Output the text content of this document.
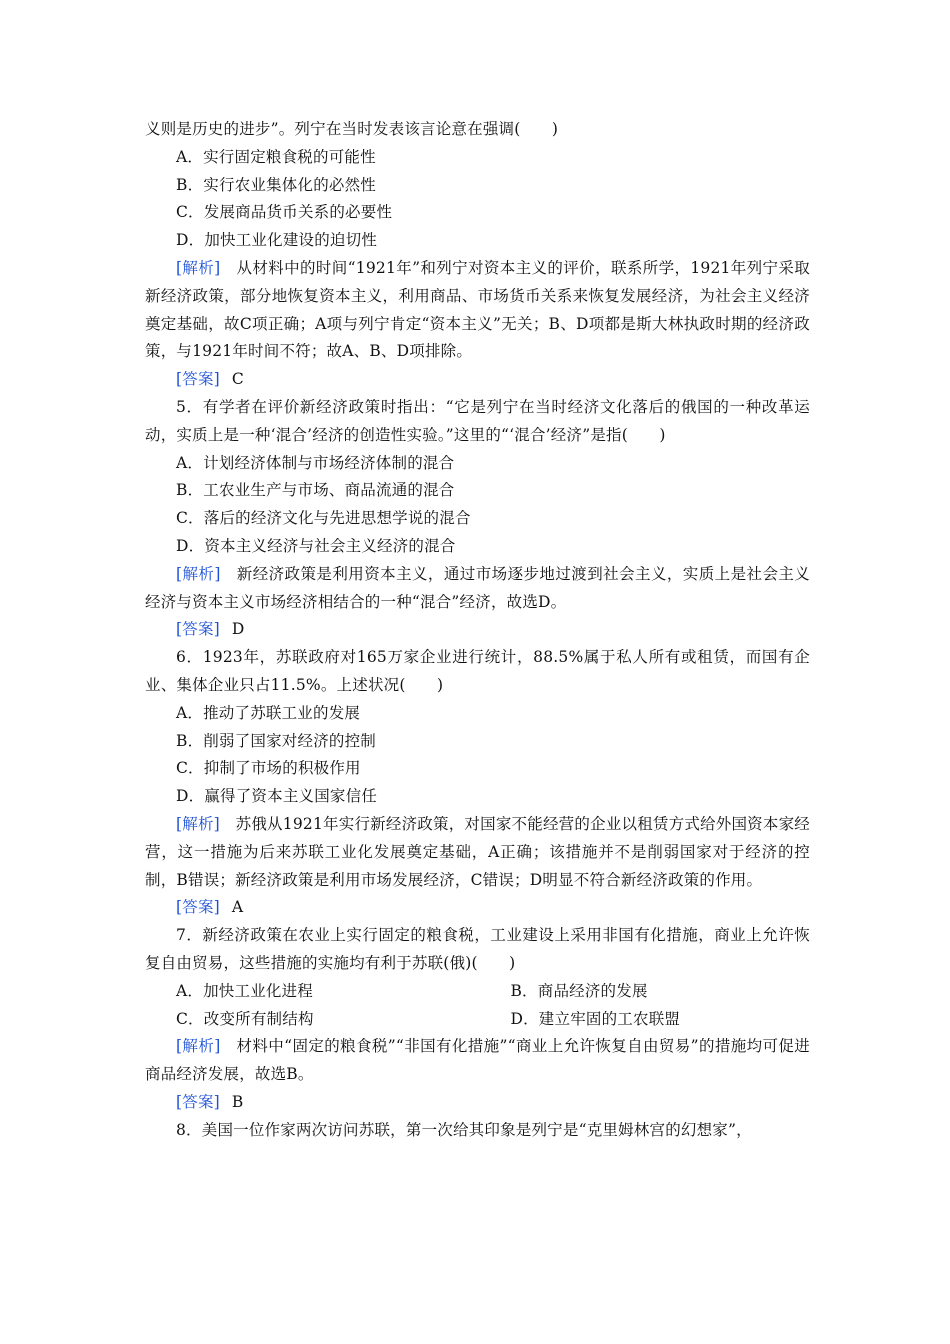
义则是历史的进步”。列宁在当时发表该言论意在强调(　　)
A．实行固定粮食税的可能性
B．实行农业集体化的必然性
C．发展商品货币关系的必要性
D．加快工业化建设的迫切性
[解析]　 从材料中的时间“1921年”和列宁对资本主义的评价，联系所学，1921年列宁采取新经济政策，部分地恢复资本主义，利用商品、市场货币关系来恢复发展经济，为社会主义经济奠定基础，故C项正确；A项与列宁肯定“资本主义”无关；B、D项都是斯大林执政时期的经济政策，与1921年时间不符；故A、B、D项排除。
[答案] C
5．有学者在评价新经济政策时指出：“它是列宁在当时经济文化落后的俄国的一种改革运动，实质上是一种‘混合’经济的创造性实验。”这里的“‘混合’经济”是指(　　)
A．计划经济体制与市场经济体制的混合
B．工农业生产与市场、商品流通的混合
C．落后的经济文化与先进思想学说的混合
D．资本主义经济与社会主义经济的混合
[解析]　 新经济政策是利用资本主义，通过市场逐步地过渡到社会主义，实质上是社会主义经济与资本主义市场经济相结合的一种“混合”经济，故选D。
[答案] D
6．1923年，苏联政府对165万家企业进行统计，88.5%属于私人所有或租赁，而国有企业、集体企业只占11.5%。上述状况(　　)
A．推动了苏联工业的发展
B．削弱了国家对经济的控制
C．抑制了市场的积极作用
D．赢得了资本主义国家信任
[解析]　 苏俄从1921年实行新经济政策，对国家不能经营的企业以租赁方式给外国资本家经营，这一措施为后来苏联工业化发展奠定基础，A正确；该措施并不是削弱国家对于经济的控制，B错误；新经济政策是利用市场发展经济，C错误；D明显不符合新经济政策的作用。
[答案] A
7．新经济政策在农业上实行固定的粮食税，工业建设上采用非国有化措施，商业上允许恢复自由贸易，这些措施的实施均有利于苏联(俄)(　　)
A．加快工业化进程	B．商品经济的发展
C．改变所有制结构	D．建立牢固的工农联盟
[解析]　 材料中“固定的粮食税”“非国有化措施”“商业上允许恢复自由贸易”的措施均可促进商品经济发展，故选B。
[答案] B
8．美国一位作家两次访问苏联，第一次给其印象是列宁是“克里姆林宫的幻想家”，
